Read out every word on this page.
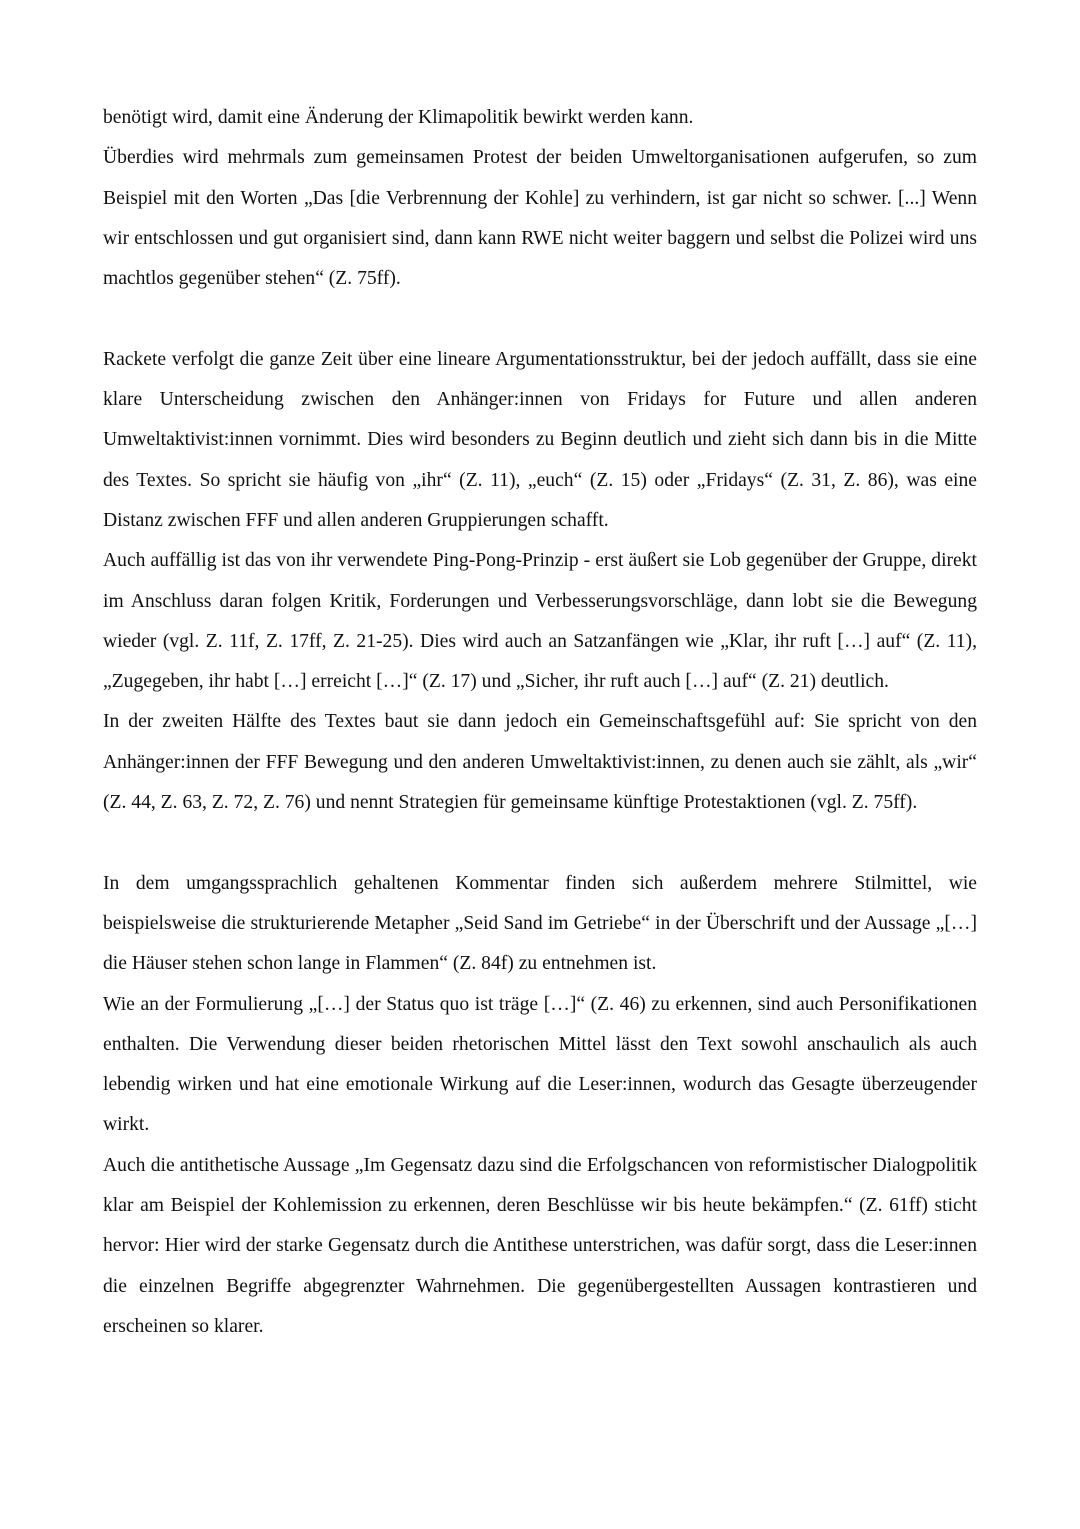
benötigt wird, damit eine Änderung der Klimapolitik bewirkt werden kann.

Überdies wird mehrmals zum gemeinsamen Protest der beiden Umweltorganisationen aufgerufen, so zum Beispiel mit den Worten „Das [die Verbrennung der Kohle] zu verhindern, ist gar nicht so schwer. [...] Wenn wir entschlossen und gut organisiert sind, dann kann RWE nicht weiter baggern und selbst die Polizei wird uns machtlos gegenüber stehen“ (Z. 75ff).

Rackete verfolgt die ganze Zeit über eine lineare Argumentationsstruktur, bei der jedoch auffällt, dass sie eine klare Unterscheidung zwischen den Anhänger:innen von Fridays for Future und allen anderen Umweltaktivist:innen vornimmt. Dies wird besonders zu Beginn deutlich und zieht sich dann bis in die Mitte des Textes. So spricht sie häufig von „ihr“ (Z. 11), „euch“ (Z. 15) oder „Fridays“ (Z. 31, Z. 86), was eine Distanz zwischen FFF und allen anderen Gruppierungen schafft.

Auch auffällig ist das von ihr verwendete Ping-Pong-Prinzip - erst äußert sie Lob gegenüber der Gruppe, direkt im Anschluss daran folgen Kritik, Forderungen und Verbesserungsvorschläge, dann lobt sie die Bewegung wieder (vgl. Z. 11f, Z. 17ff, Z. 21-25). Dies wird auch an Satzanfängen wie „Klar, ihr ruft […] auf“ (Z. 11), „Zugegeben, ihr habt […] erreicht […]“ (Z. 17) und „Sicher, ihr ruft auch […] auf“ (Z. 21) deutlich.

In der zweiten Hälfte des Textes baut sie dann jedoch ein Gemeinschaftsgefühl auf: Sie spricht von den Anhänger:innen der FFF Bewegung und den anderen Umweltaktivist:innen, zu denen auch sie zählt, als „wir“ (Z. 44, Z. 63, Z. 72, Z. 76) und nennt Strategien für gemeinsame künftige Protestaktionen (vgl. Z. 75ff).

In dem umgangssprachlich gehaltenen Kommentar finden sich außerdem mehrere Stilmittel, wie beispielsweise die strukturierende Metapher „Seid Sand im Getriebe“ in der Überschrift und der Aussage „[…] die Häuser stehen schon lange in Flammen“ (Z. 84f) zu entnehmen ist.

Wie an der Formulierung „[…] der Status quo ist träge […]“ (Z. 46) zu erkennen, sind auch Personifikationen enthalten. Die Verwendung dieser beiden rhetorischen Mittel lässt den Text sowohl anschaulich als auch lebendig wirken und hat eine emotionale Wirkung auf die Leser:innen, wodurch das Gesagte überzeugender wirkt.

Auch die antithetische Aussage „Im Gegensatz dazu sind die Erfolgschancen von reformistischer Dialogpolitik klar am Beispiel der Kohlemission zu erkennen, deren Beschlüsse wir bis heute bekämpfen.“ (Z. 61ff) sticht hervor: Hier wird der starke Gegensatz durch die Antithese unterstrichen, was dafür sorgt, dass die Leser:innen die einzelnen Begriffe abgegrenzter Wahrnehmen. Die gegenübergestellten Aussagen kontrastieren und erscheinen so klarer.
